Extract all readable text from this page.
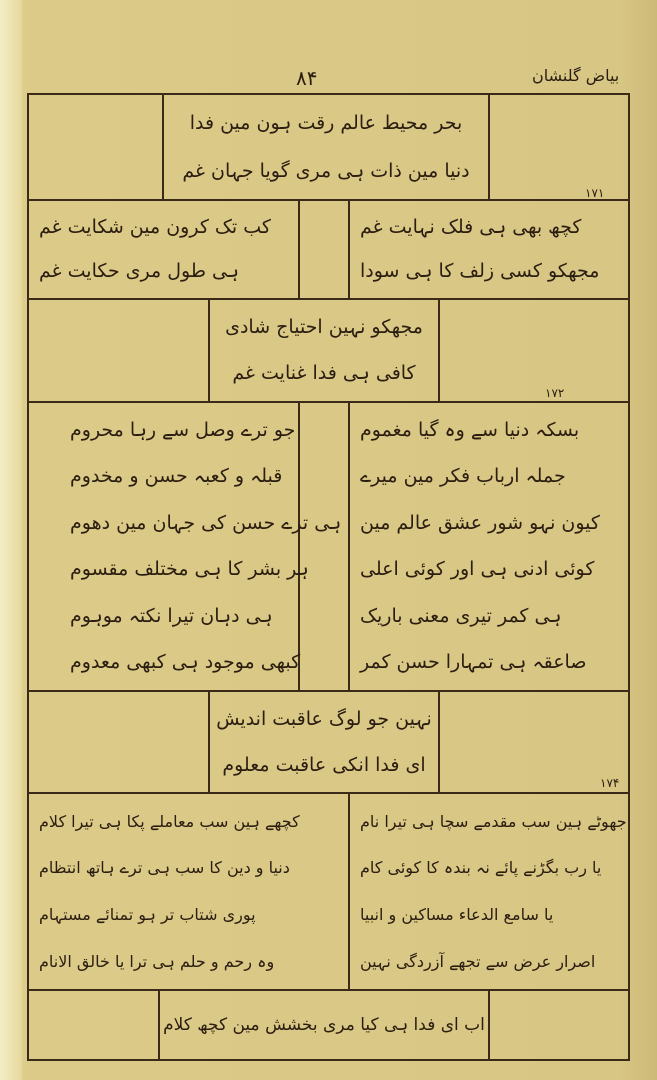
۸۴	بیاض گلنشان
۱۷۱
۱۷۲
۱۷۴
بحر محیط عالم رقت ہون مین فدا
دنیا مین ذات ہی مری گویا جہان غم
کچھ بھی ہی فلک نہایت غم
مجھکو کسی زلف کا ہی سودا
کب تک کرون مین شکایت غم
ہی طول مری حکایت غم
مجھکو نہین احتیاج شادی
کافی ہی فدا غنایت غم
بسکہ دنیا سے وہ گیا مغموم
جملہ ارباب فکر مین میرے
کیون نہو شور عشق عالم مین
کوئی ادنی ہی اور کوئی اعلی
ہی کمر تیری معنی باریک
صاعقہ ہی تمہارا حسن کمر
جو ترے وصل سے رہا محروم
قبلہ و کعبہ حسن و مخدوم
ہی ترے حسن کی جہان مین دھوم
ہر بشر کا ہی مختلف مقسوم
ہی دہان تیرا نکتہ موہوم
کبھی موجود ہی کبھی معدوم
نہین جو لوگ عاقبت اندیش
ای فدا انکی عاقبت معلوم
جھوٹے ہین سب مقدمے سچا ہی تیرا نام
یا رب بگڑنے پائے نہ بندہ کا کوئی کام
یا سامع الدعاء مساکین و انبیا
اصرار عرض سے تجھے آزردگی نہین
کچھے ہین سب معاملے پکا ہی تیرا کلام
دنیا و دین کا سب ہی ترے ہاتھ انتظام
پوری شتاب تر ہو تمنائے مستہام
وہ رحم و حلم ہی ترا یا خالق الانام
اب ای فدا ہی کیا مری بخشش مین کچھ کلام
